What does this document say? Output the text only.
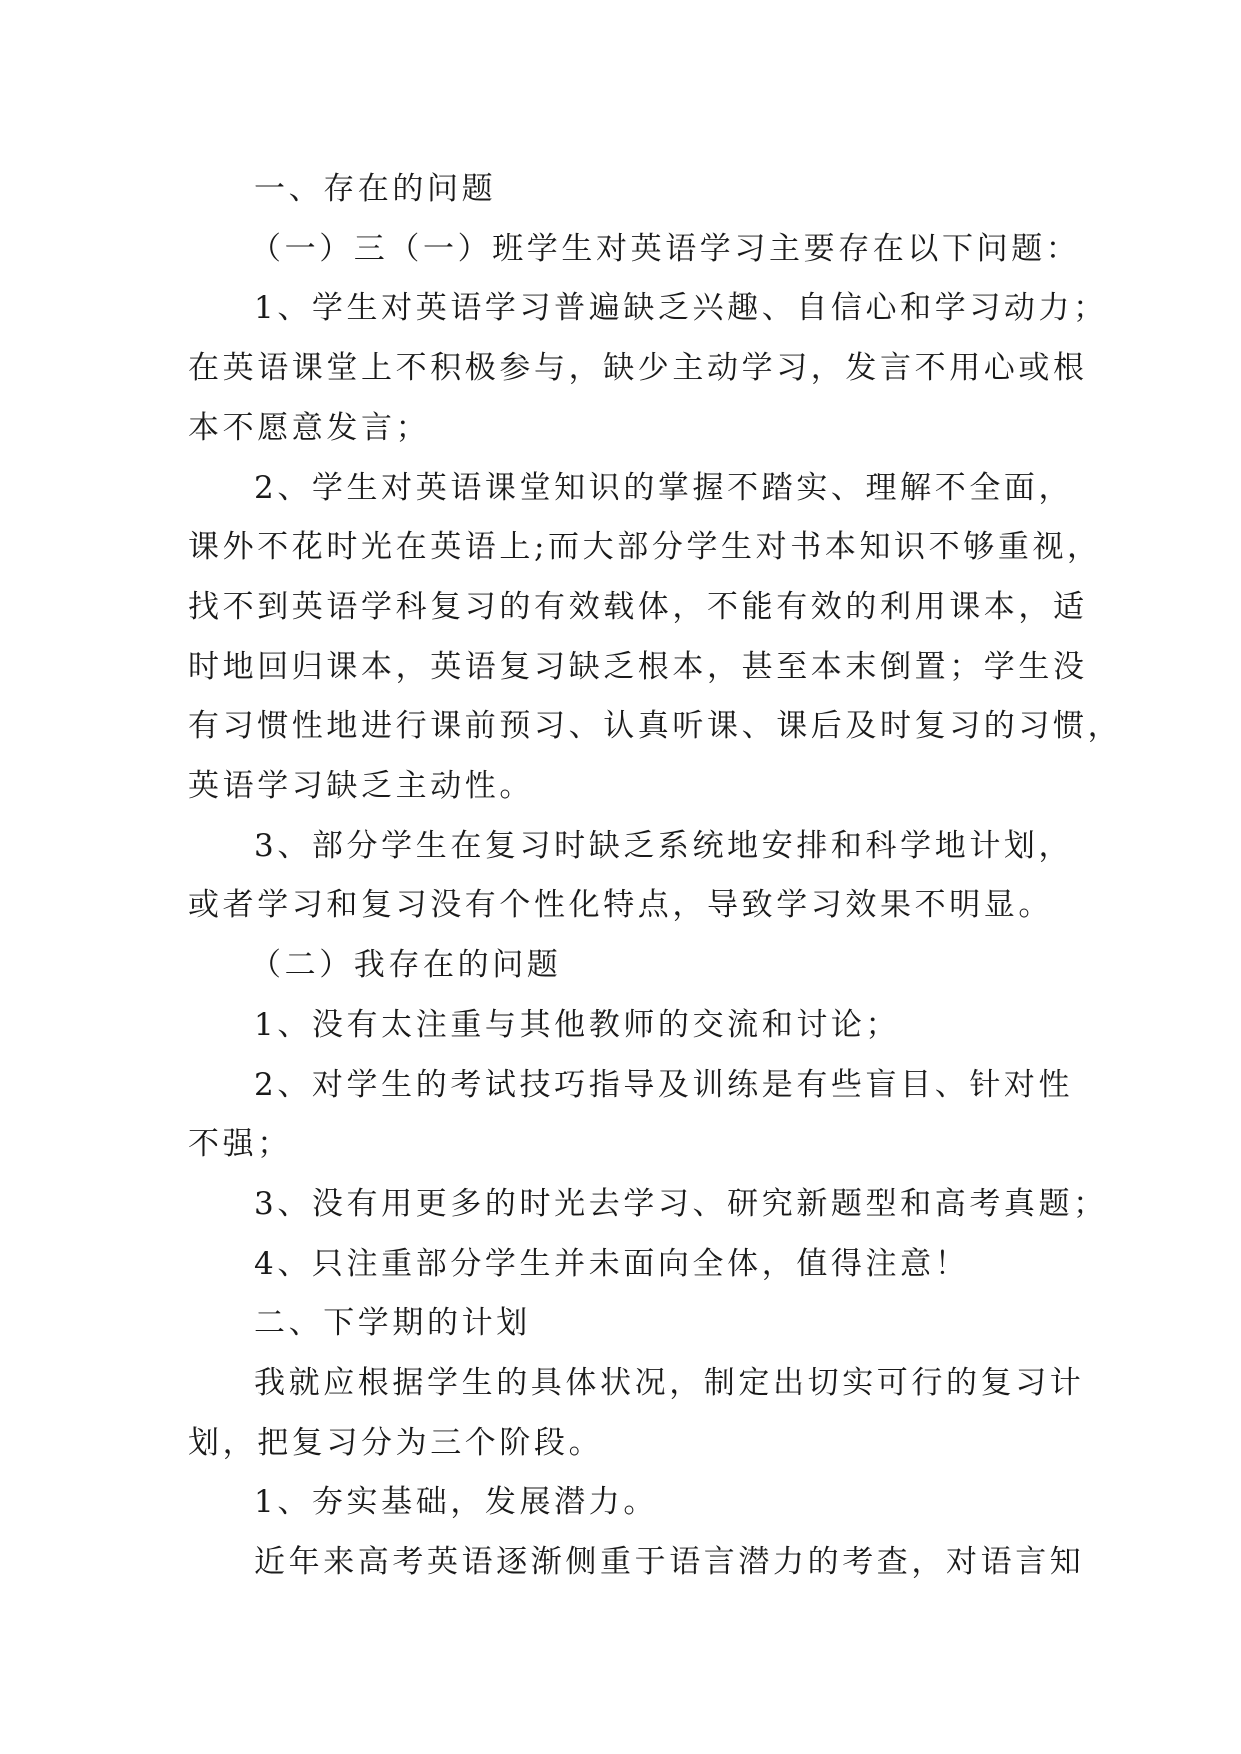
一、存在的问题
（一）三（一）班学生对英语学习主要存在以下问题：
1、学生对英语学习普遍缺乏兴趣、自信心和学习动力；
在英语课堂上不积极参与，缺少主动学习，发言不用心或根
本不愿意发言；
2、学生对英语课堂知识的掌握不踏实、理解不全面，
课外不花时光在英语上;而大部分学生对书本知识不够重视，
找不到英语学科复习的有效载体，不能有效的利用课本，适
时地回归课本，英语复习缺乏根本，甚至本末倒置；学生没
有习惯性地进行课前预习、认真听课、课后及时复习的习惯，
英语学习缺乏主动性。
3、部分学生在复习时缺乏系统地安排和科学地计划，
或者学习和复习没有个性化特点，导致学习效果不明显。
（二）我存在的问题
1、没有太注重与其他教师的交流和讨论；
2、对学生的考试技巧指导及训练是有些盲目、针对性
不强；
3、没有用更多的时光去学习、研究新题型和高考真题；
4、只注重部分学生并未面向全体，值得注意！
二、下学期的计划
我就应根据学生的具体状况，制定出切实可行的复习计
划，把复习分为三个阶段。
1、夯实基础，发展潜力。
近年来高考英语逐渐侧重于语言潜力的考查，对语言知
